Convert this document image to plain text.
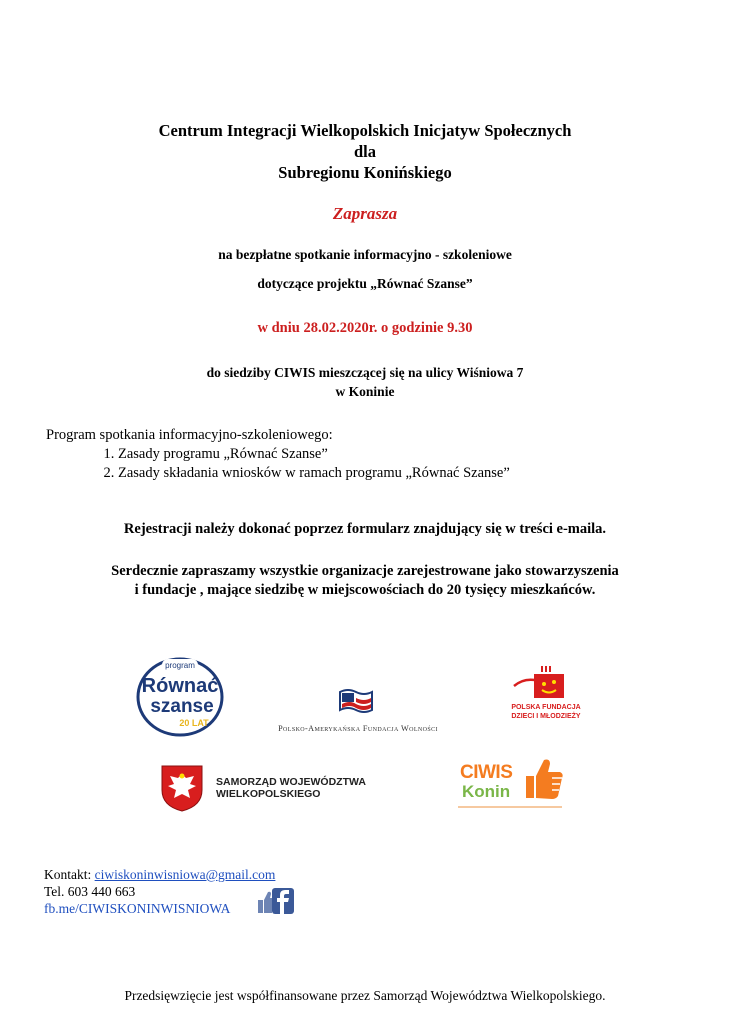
Centrum Integracji Wielkopolskich Inicjatyw Społecznych
dla
Subregionu Konińskiego
Zaprasza
na bezpłatne spotkanie informacyjno - szkoleniowe
dotyczące projektu „Równać Szanse”
w dniu 28.02.2020r. o godzinie 9.30
do siedziby CIWIS mieszczącej się na ulicy Wiśniowa 7
w Koninie
Program spotkania informacyjno-szkoleniowego:
1. Zasady programu „Równać Szanse”
2. Zasady składania wniosków w ramach programu „Równać Szanse”
Rejestracji należy dokonać poprzez formularz znajdujący się w treści e-maila.
Serdecznie zapraszamy wszystkie organizacje zarejestrowane jako stowarzyszenia
i fundacje , mające siedzibę w miejscowościach do 20 tysięcy mieszkańców.
program
Równać
szanse
20 LAT
Polsko-Amerykańska Fundacja Wolności
POLSKA FUNDACJA
DZIECI I MŁODZIEŻY
SAMORZĄD WOJEWÓDZTWA
WIELKOPOLSKIEGO
CIWIS
Konin
Kontakt: ciwiskoninwisniowa@gmail.com
Tel. 603 440 663
fb.me/CIWISKONINWISNIOWA
Przedsięwzięcie jest współfinansowane przez Samorząd Województwa Wielkopolskiego.
